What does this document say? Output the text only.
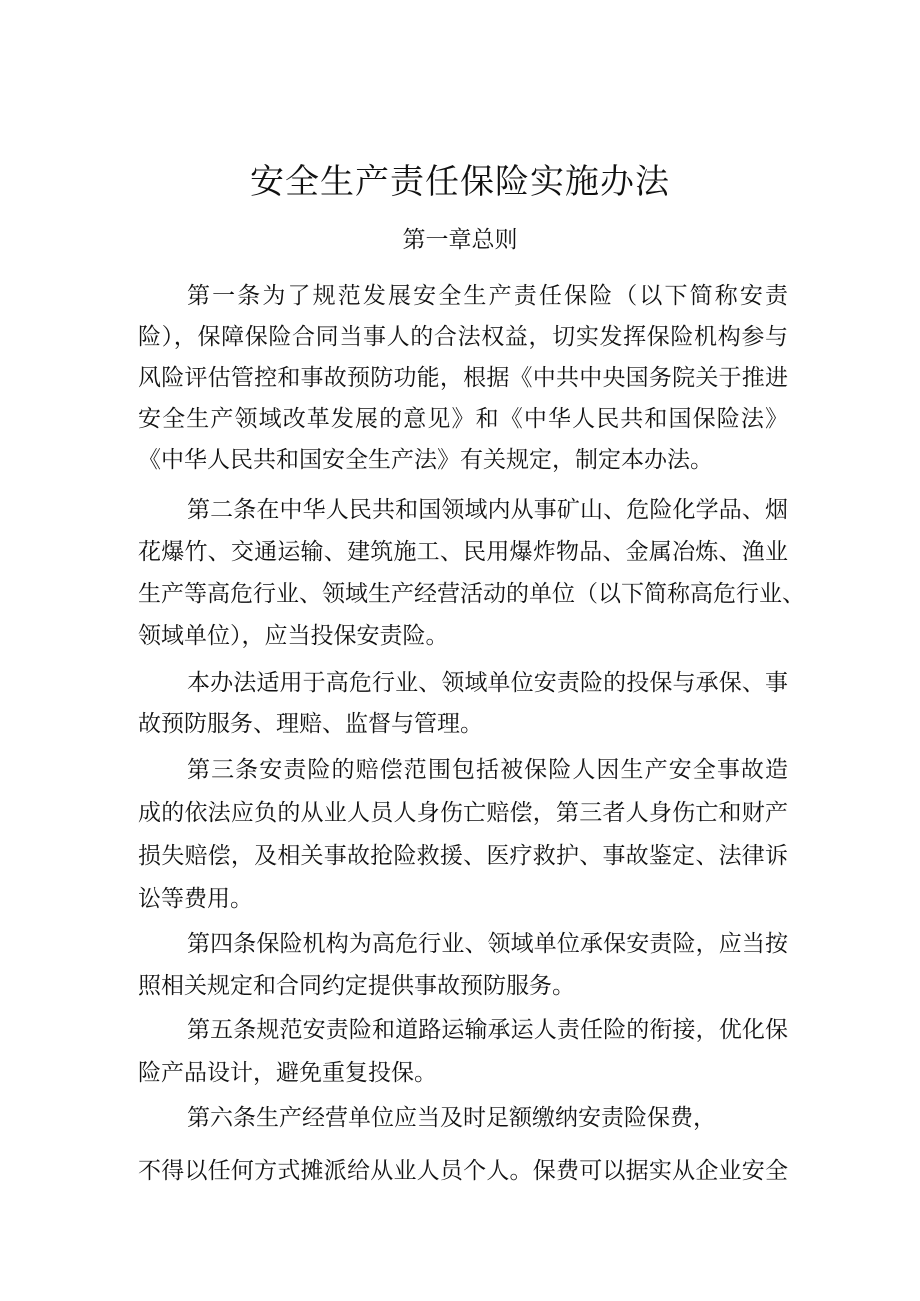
安全生产责任保险实施办法
第一章总则
第一条为了规范发展安全生产责任保险（以下简称安责
险），保障保险合同当事人的合法权益，切实发挥保险机构参与
风险评估管控和事故预防功能，根据《中共中央国务院关于推进
安全生产领域改革发展的意见》和《中华人民共和国保险法》
《中华人民共和国安全生产法》有关规定，制定本办法。
第二条在中华人民共和国领域内从事矿山、危险化学品、烟
花爆竹、交通运输、建筑施工、民用爆炸物品、金属冶炼、渔业
生产等高危行业、领域生产经营活动的单位（以下简称高危行业、
领域单位），应当投保安责险。
本办法适用于高危行业、领域单位安责险的投保与承保、事
故预防服务、理赔、监督与管理。
第三条安责险的赔偿范围包括被保险人因生产安全事故造
成的依法应负的从业人员人身伤亡赔偿，第三者人身伤亡和财产
损失赔偿，及相关事故抢险救援、医疗救护、事故鉴定、法律诉
讼等费用。
第四条保险机构为高危行业、领域单位承保安责险，应当按
照相关规定和合同约定提供事故预防服务。
第五条规范安责险和道路运输承运人责任险的衔接，优化保
险产品设计，避免重复投保。
第六条生产经营单位应当及时足额缴纳安责险保费，
不得以任何方式摊派给从业人员个人。保费可以据实从企业安全
